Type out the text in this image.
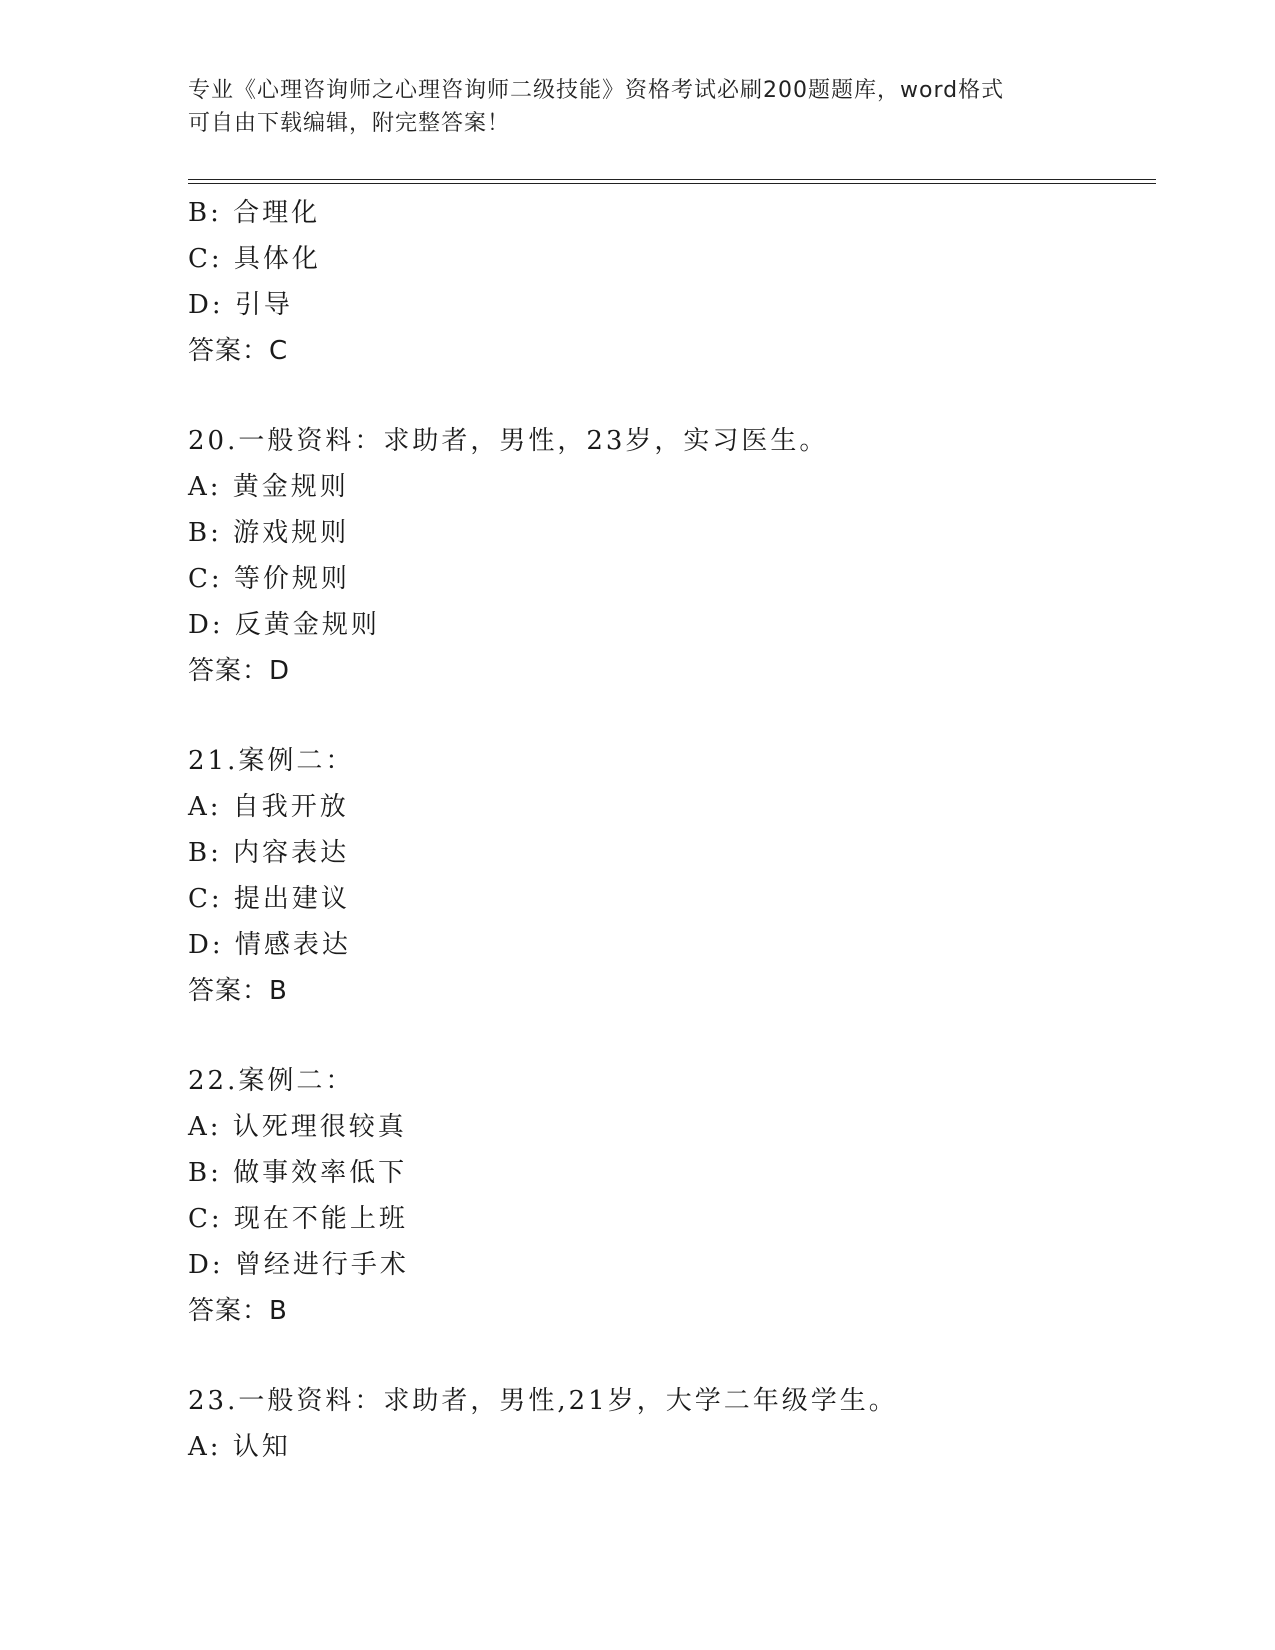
专业《心理咨询师之心理咨询师二级技能》资格考试必刷200题题库，word格式
可自由下载编辑，附完整答案！
B: 合理化
C: 具体化
D: 引导
答案：C
20.一般资料：求助者，男性，23岁，实习医生。
A: 黄金规则
B: 游戏规则
C: 等价规则
D: 反黄金规则
答案：D
21.案例二：
A: 自我开放
B: 内容表达
C: 提出建议
D: 情感表达
答案：B
22.案例二：
A: 认死理很较真
B: 做事效率低下
C: 现在不能上班
D: 曾经进行手术
答案：B
23.一般资料：求助者，男性,21岁，大学二年级学生。
A: 认知
